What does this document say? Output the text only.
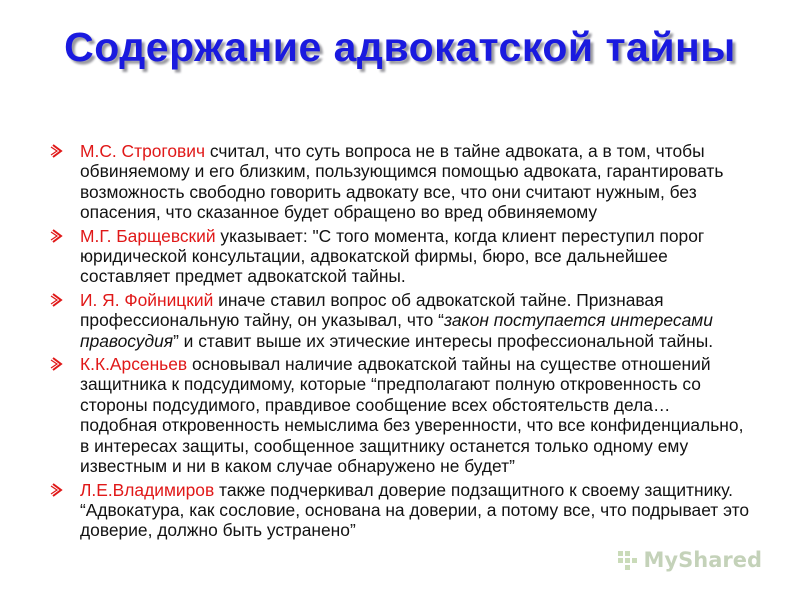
Содержание адвокатской тайны
М.С. Строгович считал, что суть вопроса не в тайне адвоката, а в том, чтобы обвиняемому и его близким, пользующимся помощью адвоката, гарантировать возможность свободно говорить адвокату все, что они считают нужным, без опасения, что сказанное будет обращено во вред обвиняемому
М.Г. Барщевский указывает: "С того момента, когда клиент переступил порог юридической консультации, адвокатской фирмы, бюро, все дальнейшее составляет предмет адвокатской тайны.
И. Я. Фойницкий иначе ставил вопрос об адвокатской тайне. Признавая профессиональную тайну, он указывал, что “закон поступается интересами правосудия” и ставит выше их этические интересы профессиональной тайны.
К.К.Арсеньев основывал наличие адвокатской тайны на существе отношений защитника к подсудимому, которые “предполагают полную откровенность со стороны подсудимого, правдивое сообщение всех обстоятельств дела… подобная откровенность немыслима без уверенности, что все конфиденциально, в интересах защиты, сообщенное защитнику останется только одному ему известным и ни в каком случае обнаружено не будет”
Л.Е.Владимиров также подчеркивал доверие подзащитного к своему защитнику. “Адвокатура, как сословие, основана на доверии, а потому все, что подрывает это доверие, должно быть устранено”
MyShared
